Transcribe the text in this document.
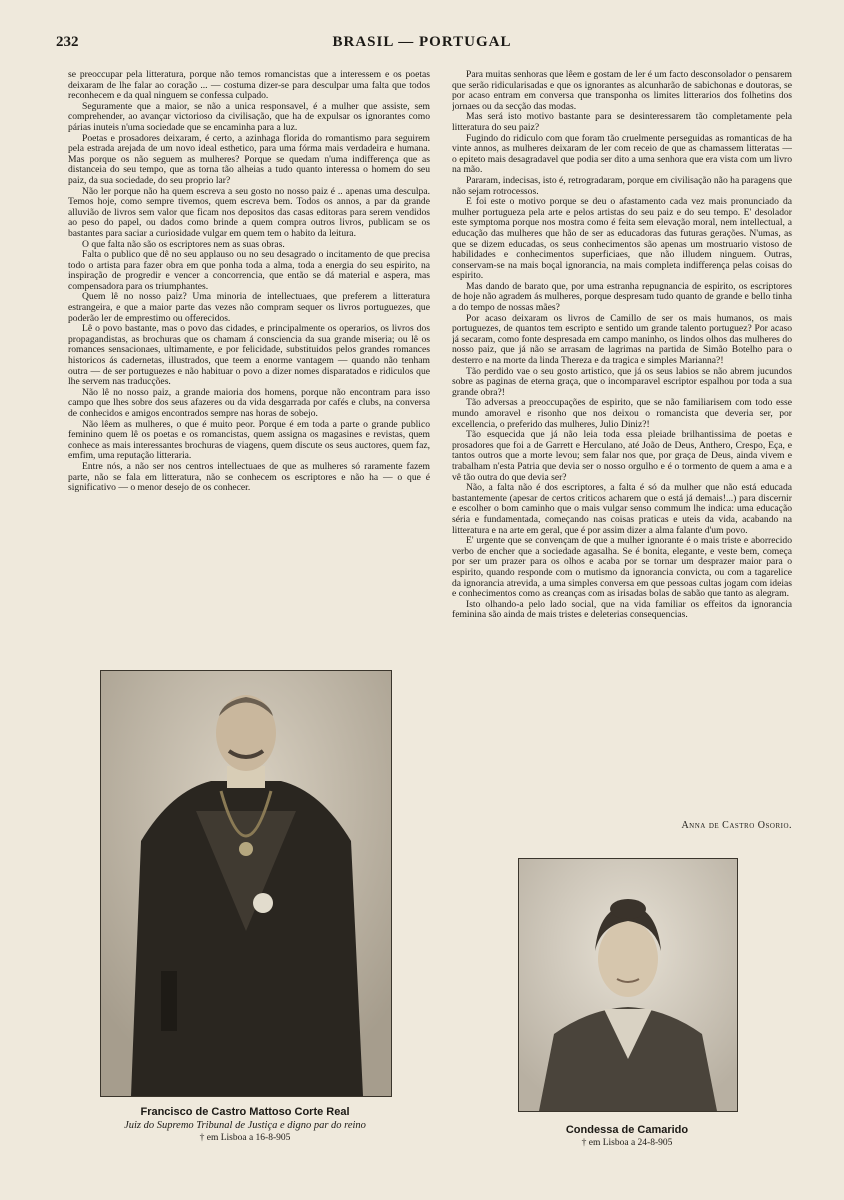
232	BRASIL — PORTUGAL

se preoccupar pela litteratura, porque não temos romancistas que a interessem e os poetas deixaram de lhe falar ao coração ... — costuma dizer-se para desculpar uma falta que todos reconhecem e da qual ninguem se confessa culpado.

Seguramente que a maior, se não a unica responsavel, é a mulher que assiste, sem comprehender, ao avançar victorioso da civilisação, que ha de expulsar os ignorantes como párias inuteis n'uma sociedade que se encaminha para a luz.

Poetas e prosadores deixaram, é certo, a azinhaga florida do romantismo para seguirem pela estrada arejada de um novo ideal esthetico, para uma fórma mais verdadeira e humana. Mas porque os não seguem as mulheres? Porque se quedam n'uma indifferença que as distanceia do seu tempo, que as torna tão alheias a tudo quanto interessa o homem do seu paiz, da sua sociedade, do seu proprio lar?

Não ler porque não ha quem escreva a seu gosto no nosso paiz é .. apenas uma desculpa. Temos hoje, como sempre tivemos, quem escreva bem. Todos os annos, a par da grande alluvião de livros sem valor que ficam nos depositos das casas editoras para serem vendidos ao peso do papel, ou dados como brinde a quem compra outros livros, publicam se os bastantes para saciar a curiosidade vulgar em quem tem o habito da leitura.

O que falta não são os escriptores nem as suas obras.

Falta o publico que dê no seu applauso ou no seu desagrado o incitamento de que precisa todo o artista para fazer obra em que ponha toda a alma, toda a energia do seu espirito, na inspiração de progredir e vencer a concorrencia, que então se dá material e aspera, mas compensadora para os triumphantes.

Quem lê no nosso paiz? Uma minoria de intellectuaes, que preferem a litteratura estrangeira, e que a maior parte das vezes não compram sequer os livros portuguezes, que poderão ler de emprestimo ou offerecidos.

Lê o povo bastante, mas o povo das cidades, e principalmente os operarios, os livros dos propagandistas, as brochuras que os chamam á consciencia da sua grande miseria; ou lê os romances sensacionaes, ultimamente, e por felicidade, substituidos pelos grandes romances historicos ás cadernetas, illustrados, que teem a enorme vantagem — quando não tenham outra — de ser portuguezes e não habituar o povo a dizer nomes disparatados e ridiculos que lhe servem nas traducções.

Não lê no nosso paiz, a grande maioria dos homens, porque não encontram para isso campo que lhes sobre dos seus afazeres ou da vida desgarrada por cafés e clubs, na conversa de conhecidos e amigos encontrados sempre nas horas de sobejo.

Não lêem as mulheres, o que é muito peor. Porque é em toda a parte o grande publico feminino quem lê os poetas e os romancistas, quem assigna os magasines e revistas, quem conhece as mais interessantes brochuras de viagens, quem discute os seus auctores, quem faz, emfim, uma reputação litteraria.

Entre nós, a não ser nos centros intellectuaes de que as mulheres só raramente fazem parte, não se fala em litteratura, não se conhecem os escriptores e não ha — o que é significativo — o menor desejo de os conhecer.

Para muitas senhoras que lêem e gostam de ler é um facto desconsolador o pensarem que serão ridicularisadas e que os ignorantes as alcunharão de sabichonas e doutoras, se por acaso entram em conversa que transponha os limites litterarios dos folhetins dos jornaes ou da secção das modas.

Mas será isto motivo bastante para se desinteressarem tão completamente pela litteratura do seu paiz?

Fugindo do ridiculo com que foram tão cruelmente perseguidas as romanticas de ha vinte annos, as mulheres deixaram de ler com receio de que as chamassem litteratas — o epiteto mais desagradavel que podia ser dito a uma senhora que era vista com um livro na mão.

Pararam, indecisas, isto é, retrogradaram, porque em civilisação não ha paragens que não sejam rotrocessos.

E foi este o motivo porque se deu o afastamento cada vez mais pronunciado da mulher portugueza pela arte e pelos artistas do seu paiz e do seu tempo. E' desolador este symptoma porque nos mostra como é feita sem elevação moral, nem intellectual, a educação das mulheres que hão de ser as educadoras das futuras gerações. N'umas, as que se dizem educadas, os seus conhecimentos são apenas um mostruario vistoso de habilidades e conhecimentos superficiaes, que não illudem ninguem. Outras, conservam-se na mais boçal ignorancia, na mais completa indifferença pelas coisas do espirito.

Mas dando de barato que, por uma estranha repugnancia de espirito, os escriptores de hoje não agradem ás mulheres, porque despresam tudo quanto de grande e bello tinha a do tempo de nossas mães?

Por acaso deixaram os livros de Camillo de ser os mais humanos, os mais portuguezes, de quantos tem escripto e sentido um grande talento portuguez? Por acaso já secaram, como fonte despresada em campo maninho, os lindos olhos das mulheres do nosso paiz, que já não se arrasam de lagrimas na partida de Simão Botelho para o desterro e na morte da linda Thereza e da tragica e simples Marianna?!

Tão perdido vae o seu gosto artistico, que já os seus labios se não abrem jucundos sobre as paginas de eterna graça, que o incomparavel escriptor espalhou por toda a sua grande obra?!

Tão adversas a preoccupações de espirito, que se não familiarisem com todo esse mundo amoravel e risonho que nos deixou o romancista que deveria ser, por excellencia, o preferido das mulheres, Julio Diniz?!

Tão esquecida que já não leia toda essa pleiade brilhantissima de poetas e prosadores que foi a de Garrett e Herculano, até João de Deus, Anthero, Crespo, Eça, e tantos outros que a morte levou; sem falar nos que, por graça de Deus, ainda vivem e trabalham n'esta Patria que devia ser o nosso orgulho e é o tormento de quem a ama e a vê tão outra do que devia ser?

Não, a falta não é dos escriptores, a falta é só da mulher que não está educada bastantemente (apesar de certos criticos acharem que o está já demais!...) para discernir e escolher o bom caminho que o mais vulgar senso commum lhe indica: uma educação séria e fundamentada, começando nas coisas praticas e uteis da vida, acabando na litteratura e na arte em geral, que é por assim dizer a alma falante d'um povo.

E' urgente que se convençam de que a mulher ignorante é o mais triste e aborrecido verbo de encher que a sociedade agasalha. Se é bonita, elegante, e veste bem, começa por ser um prazer para os olhos e acaba por se tornar um desprazer maior para o espirito, quando responde com o mutismo da ignorancia convicta, ou com a tagarelice da ignorancia atrevida, a uma simples conversa em que pessoas cultas jogam com ideias e conhecimentos como as creanças com as irisadas bolas de sabão que tanto as alegram.

Isto olhando-a pelo lado social, que na vida familiar os effeitos da ignorancia feminina são ainda de mais tristes e deleterias consequencias.

Anna de Castro Osorio.
Francisco de Castro Mattoso Corte Real
Juiz do Supremo Tribunal de Justiça e digno par do reino
† em Lisboa a 16-8-905
Condessa de Camarido
† em Lisboa a 24-8-905
